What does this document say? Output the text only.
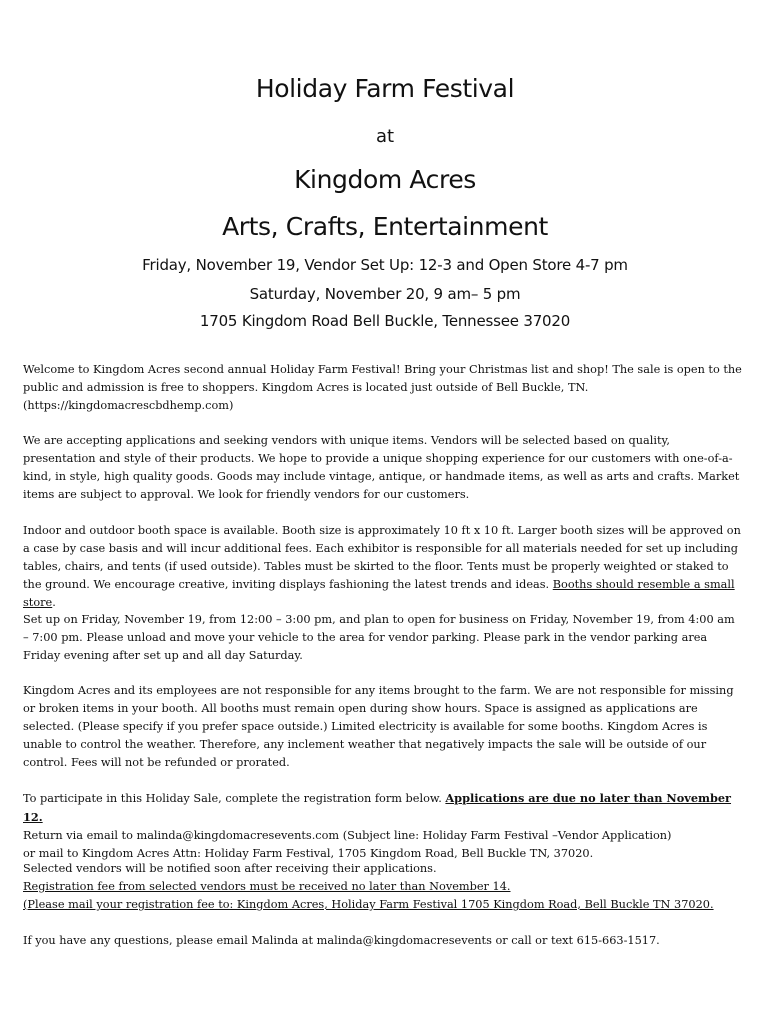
Holiday Farm Festival
at
Kingdom Acres
Arts, Crafts, Entertainment
Friday, November 19, Vendor Set Up: 12-3 and Open Store 4-7 pm
Saturday, November 20, 9 am– 5 pm
1705 Kingdom Road Bell Buckle, Tennessee 37020

Welcome to Kingdom Acres second annual Holiday Farm Festival! Bring your Christmas list and shop! The sale is open to the public and admission is free to shoppers. Kingdom Acres is located just outside of Bell Buckle, TN. (https://kingdomacrescbdhemp.com)

We are accepting applications and seeking vendors with unique items. Vendors will be selected based on quality, presentation and style of their products. We hope to provide a unique shopping experience for our customers with one-of-a- kind, in style, high quality goods. Goods may include vintage, antique, or handmade items, as well as arts and crafts. Market items are subject to approval. We look for friendly vendors for our customers.

Indoor and outdoor booth space is available. Booth size is approximately 10 ft x 10 ft. Larger booth sizes will be approved on a case by case basis and will incur additional fees. Each exhibitor is responsible for all materials needed for set up including tables, chairs, and tents (if used outside). Tables must be skirted to the floor. Tents must be properly weighted or staked to the ground. We encourage creative, inviting displays fashioning the latest trends and ideas. Booths should resemble a small store.

Set up on Friday, November 19, from 12:00 – 3:00 pm, and plan to open for business on Friday, November 19, from 4:00 am – 7:00 pm. Please unload and move your vehicle to the area for vendor parking. Please park in the vendor parking area Friday evening after set up and all day Saturday.

Kingdom Acres and its employees are not responsible for any items brought to the farm. We are not responsible for missing or broken items in your booth. All booths must remain open during show hours. Space is assigned as applications are selected. (Please specify if you prefer space outside.) Limited electricity is available for some booths. Kingdom Acres is unable to control the weather. Therefore, any inclement weather that negatively impacts the sale will be outside of our control. Fees will not be refunded or prorated.

To participate in this Holiday Sale, complete the registration form below. Applications are due no later than November 12.

Return via email to malinda@kingdomacresevents.com (Subject line: Holiday Farm Festival –Vendor Application)

or mail to Kingdom Acres Attn: Holiday Farm Festival, 1705 Kingdom Road, Bell Buckle TN, 37020.

Selected vendors will be notified soon after receiving their applications.

Registration fee from selected vendors must be received no later than November 14.

(Please mail your registration fee to: Kingdom Acres, Holiday Farm Festival 1705 Kingdom Road, Bell Buckle TN 37020.

If you have any questions, please email Malinda at malinda@kingdomacresevents or call or text 615-663-1517.
